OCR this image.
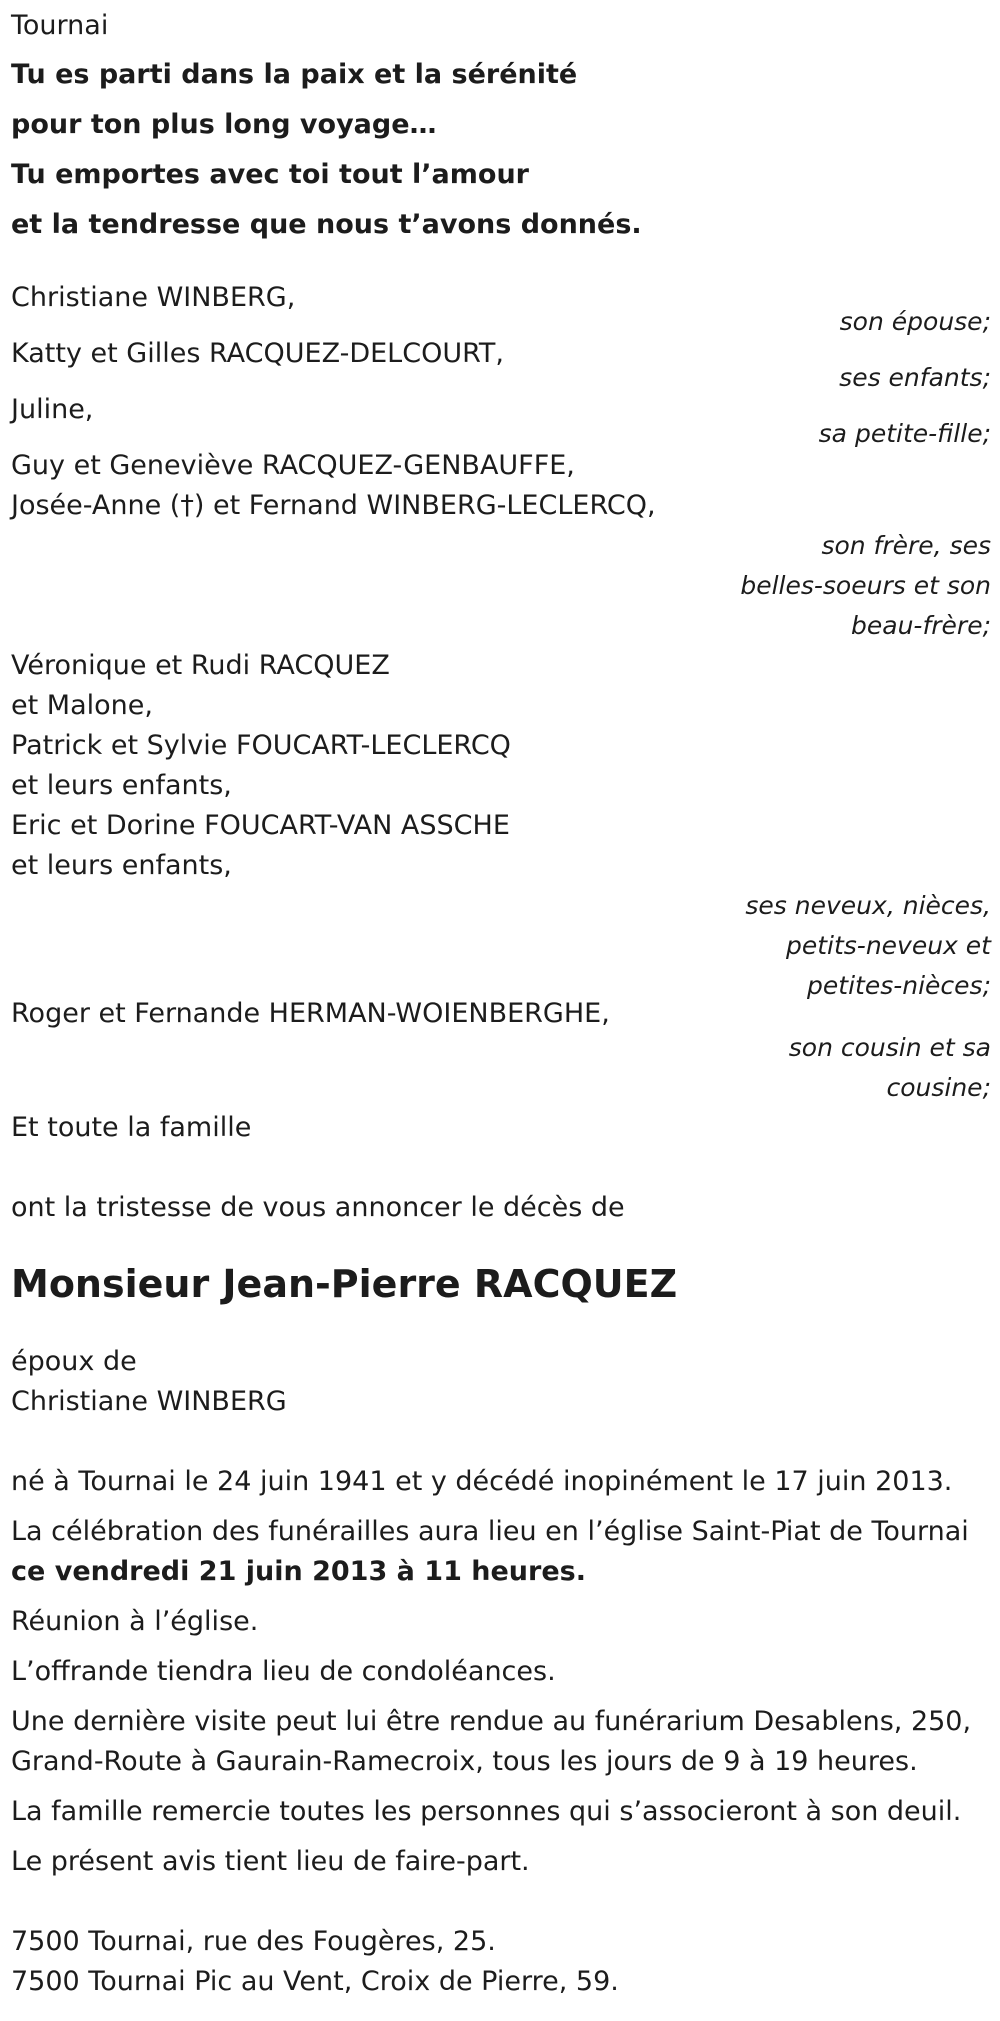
Tournai
Tu es parti dans la paix et la sérénité
pour ton plus long voyage…
Tu emportes avec toi tout l’amour
et la tendresse que nous t’avons donnés.
Christiane WINBERG,
son épouse;
Katty et Gilles RACQUEZ-DELCOURT,
ses enfants;
Juline,
sa petite-fille;
Guy et Geneviève RACQUEZ-GENBAUFFE,
Josée-Anne (†) et Fernand WINBERG-LECLERCQ,
son frère, ses
belles-soeurs et son
beau-frère;
Véronique et Rudi RACQUEZ
et Malone,
Patrick et Sylvie FOUCART-LECLERCQ
et leurs enfants,
Eric et Dorine FOUCART-VAN ASSCHE
et leurs enfants,
ses neveux, nièces,
petits-neveux et
petites-nièces;
Roger et Fernande HERMAN-WOIENBERGHE,
son cousin et sa
cousine;
Et toute la famille
ont la tristesse de vous annoncer le décès de
Monsieur Jean-Pierre RACQUEZ
époux de
Christiane WINBERG
né à Tournai le 24 juin 1941 et y décédé inopinément le 17 juin 2013.
La célébration des funérailles aura lieu en l’église Saint-Piat de Tournai
ce vendredi 21 juin 2013 à 11 heures.
Réunion à l’église.
L’offrande tiendra lieu de condoléances.
Une dernière visite peut lui être rendue au funérarium Desablens, 250,
Grand-Route à Gaurain-Ramecroix, tous les jours de 9 à 19 heures.
La famille remercie toutes les personnes qui s’associeront à son deuil.
Le présent avis tient lieu de faire-part.
7500 Tournai, rue des Fougères, 25.
7500 Tournai Pic au Vent, Croix de Pierre, 59.
